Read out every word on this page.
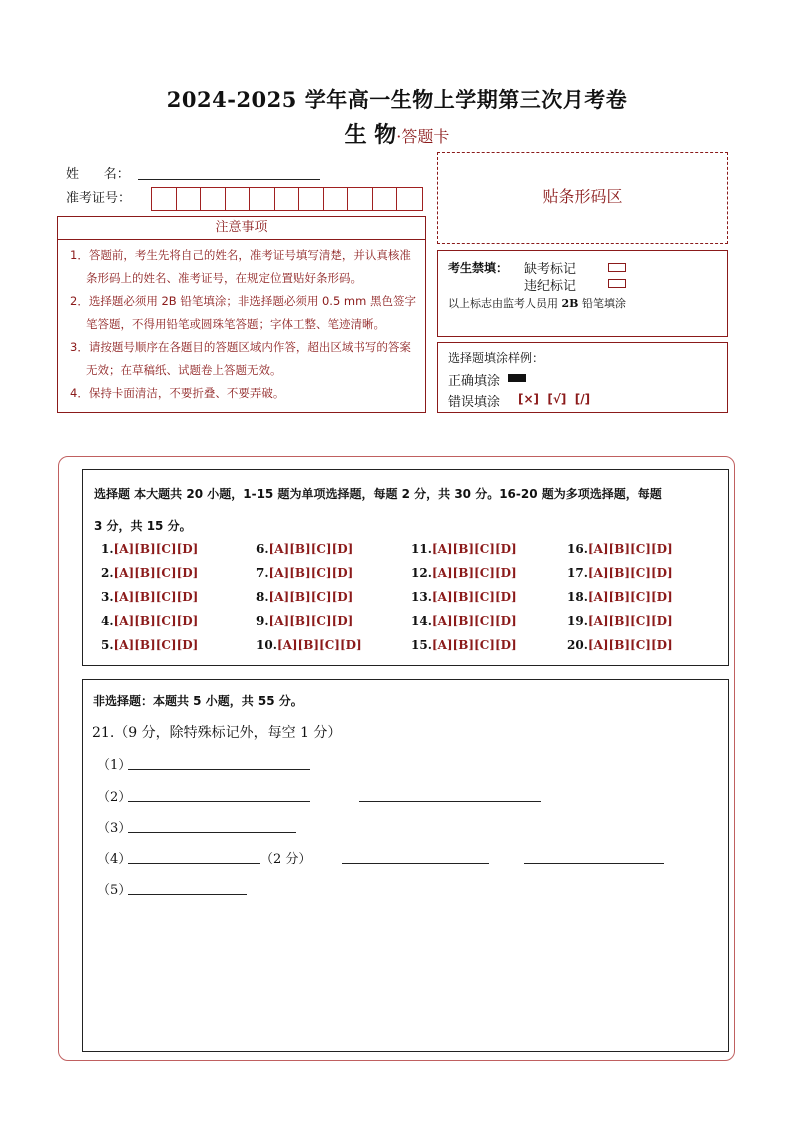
2024-2025 学年高一生物上学期第三次月考卷
生 物·答题卡
姓      名：
准考证号：
注意事项

1．答题前，考生先将自己的姓名，准考证号填写清楚，并认真核准条形码上的姓名、准考证号，在规定位置贴好条形码。

2．选择题必须用 2B 铅笔填涂；非选择题必须用 0.5 mm 黑色签字笔答题，不得用铅笔或圆珠笔答题；字体工整、笔迹清晰。

3．请按题号顺序在各题目的答题区域内作答，超出区域书写的答案无效；在草稿纸、试题卷上答题无效。

4．保持卡面清洁，不要折叠、不要弄破。

贴条形码区
考生禁填： 缺考标记
违纪标记
以上标志由监考人员用 2B 铅笔填涂
选择题填涂样例：
正确填涂
错误填涂 [×]  [√]  [/]
选择题 本大题共 20 小题，1-15 题为单项选择题，每题 2 分，共 30 分。16-20 题为多项选择题，每题
3 分，共 15 分。
1.[A][B][C][D]
2.[A][B][C][D]
3.[A][B][C][D]
4.[A][B][C][D]
5.[A][B][C][D]
6.[A][B][C][D]
7.[A][B][C][D]
8.[A][B][C][D]
9.[A][B][C][D]
10.[A][B][C][D]
11.[A][B][C][D]
12.[A][B][C][D]
13.[A][B][C][D]
14.[A][B][C][D]
15.[A][B][C][D]
16.[A][B][C][D]
17.[A][B][C][D]
18.[A][B][C][D]
19.[A][B][C][D]
20.[A][B][C][D]
非选择题：本题共 5 小题，共 55 分。
21.（9 分，除特殊标记外，每空 1 分）
（1）
（2）
（3）
（4）	（2 分）
（5）
